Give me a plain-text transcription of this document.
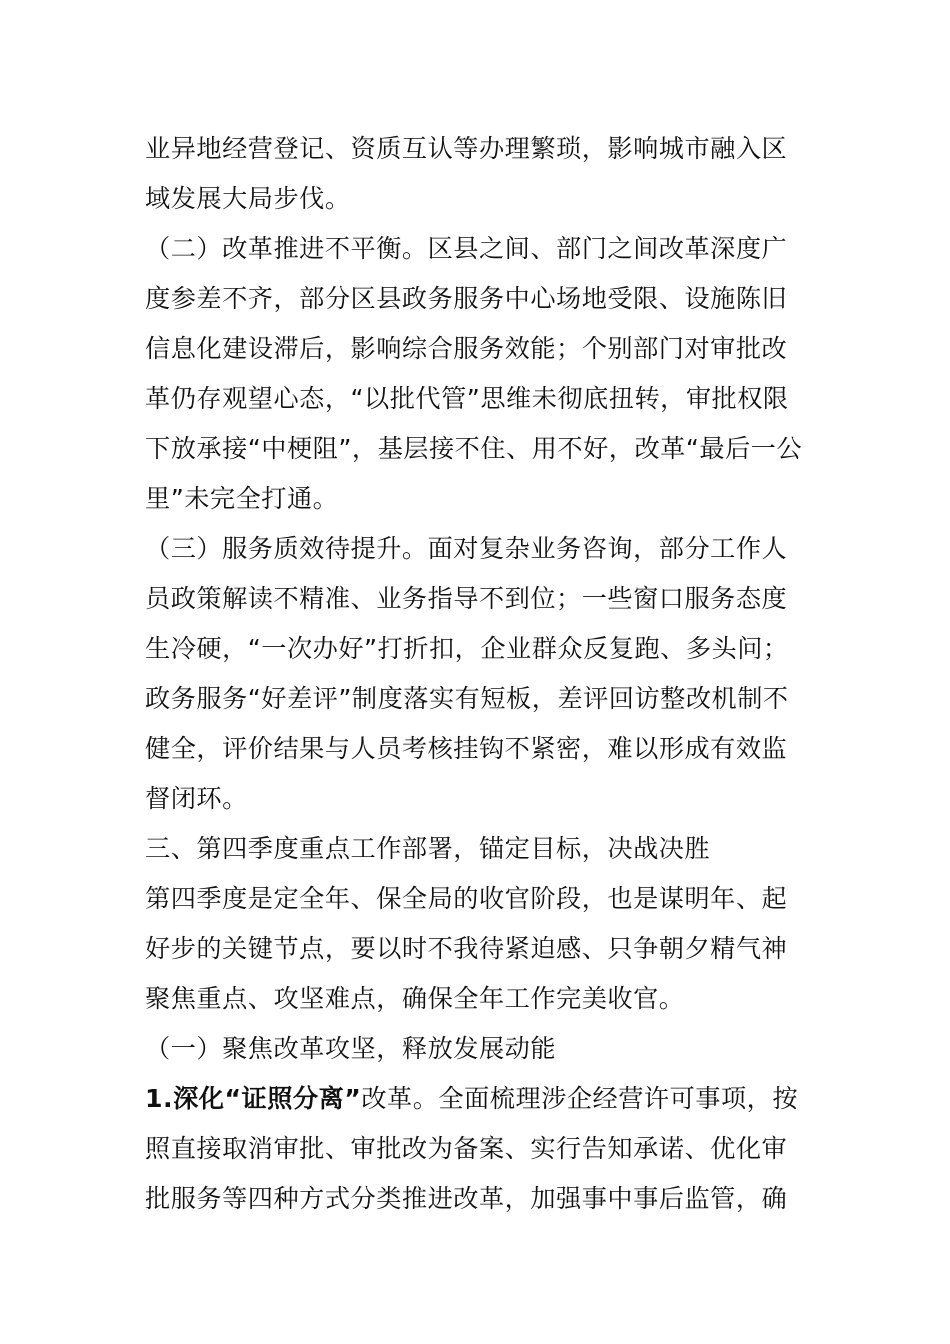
业异地经营登记、资质互认等办理繁琐，影响城市融入区
域发展大局步伐。
（二）改革推进不平衡。区县之间、部门之间改革深度广
度参差不齐，部分区县政务服务中心场地受限、设施陈旧
信息化建设滞后，影响综合服务效能；个别部门对审批改
革仍存观望心态，“以批代管”思维未彻底扭转，审批权限
下放承接“中梗阻”，基层接不住、用不好，改革“最后一公
里”未完全打通。
（三）服务质效待提升。面对复杂业务咨询，部分工作人
员政策解读不精准、业务指导不到位；一些窗口服务态度
生冷硬，“一次办好”打折扣，企业群众反复跑、多头问；
政务服务“好差评”制度落实有短板，差评回访整改机制不
健全，评价结果与人员考核挂钩不紧密，难以形成有效监
督闭环。
三、第四季度重点工作部署，锚定目标，决战决胜
第四季度是定全年、保全局的收官阶段，也是谋明年、起
好步的关键节点，要以时不我待紧迫感、只争朝夕精气神
聚焦重点、攻坚难点，确保全年工作完美收官。
（一）聚焦改革攻坚，释放发展动能
1.深化“证照分离”改革。全面梳理涉企经营许可事项，按
照直接取消审批、审批改为备案、实行告知承诺、优化审
批服务等四种方式分类推进改革，加强事中事后监管，确
